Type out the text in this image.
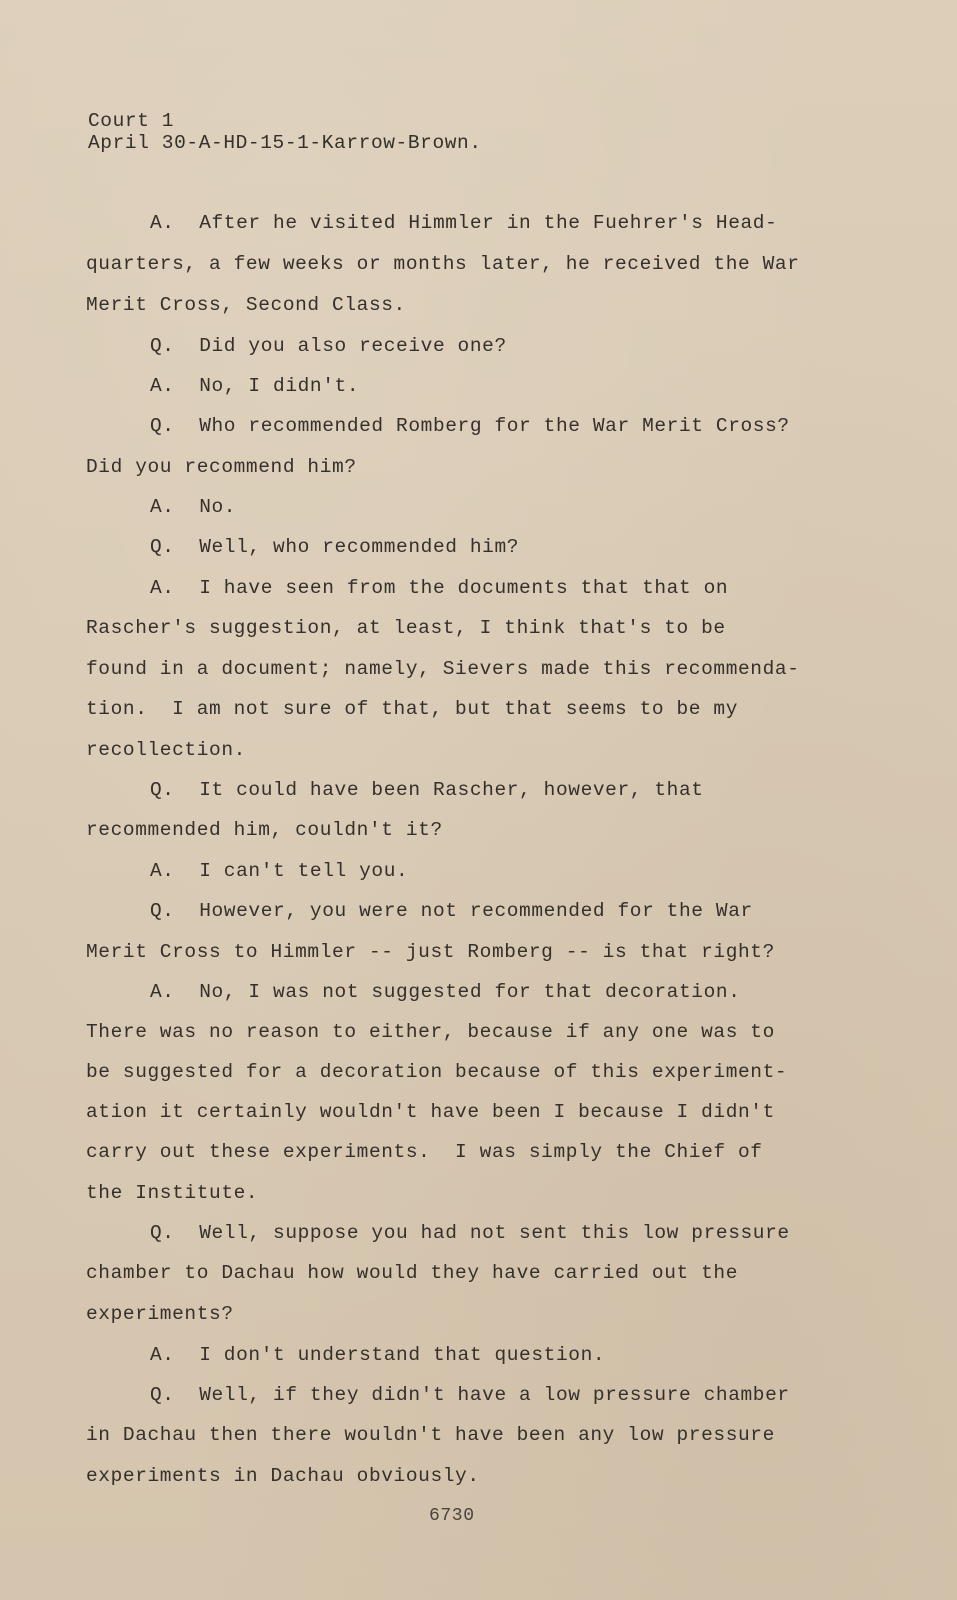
Court 1
April 30-A-HD-15-1-Karrow-Brown.
A.  After he visited Himmler in the Fuehrer's Head-
quarters, a few weeks or months later, he received the War
Merit Cross, Second Class.
Q.  Did you also receive one?
A.  No, I didn't.
Q.  Who recommended Romberg for the War Merit Cross?
Did you recommend him?
A.  No.
Q.  Well, who recommended him?
A.  I have seen from the documents that that on
Rascher's suggestion, at least, I think that's to be
found in a document; namely, Sievers made this recommenda-
tion.  I am not sure of that, but that seems to be my
recollection.
Q.  It could have been Rascher, however, that
recommended him, couldn't it?
A.  I can't tell you.
Q.  However, you were not recommended for the War
Merit Cross to Himmler -- just Romberg -- is that right?
A.  No, I was not suggested for that decoration.
There was no reason to either, because if any one was to
be suggested for a decoration because of this experiment-
ation it certainly wouldn't have been I because I didn't
carry out these experiments.  I was simply the Chief of
the Institute.
Q.  Well, suppose you had not sent this low pressure
chamber to Dachau how would they have carried out the
experiments?
A.  I don't understand that question.
Q.  Well, if they didn't have a low pressure chamber
in Dachau then there wouldn't have been any low pressure
experiments in Dachau obviously.
6730
